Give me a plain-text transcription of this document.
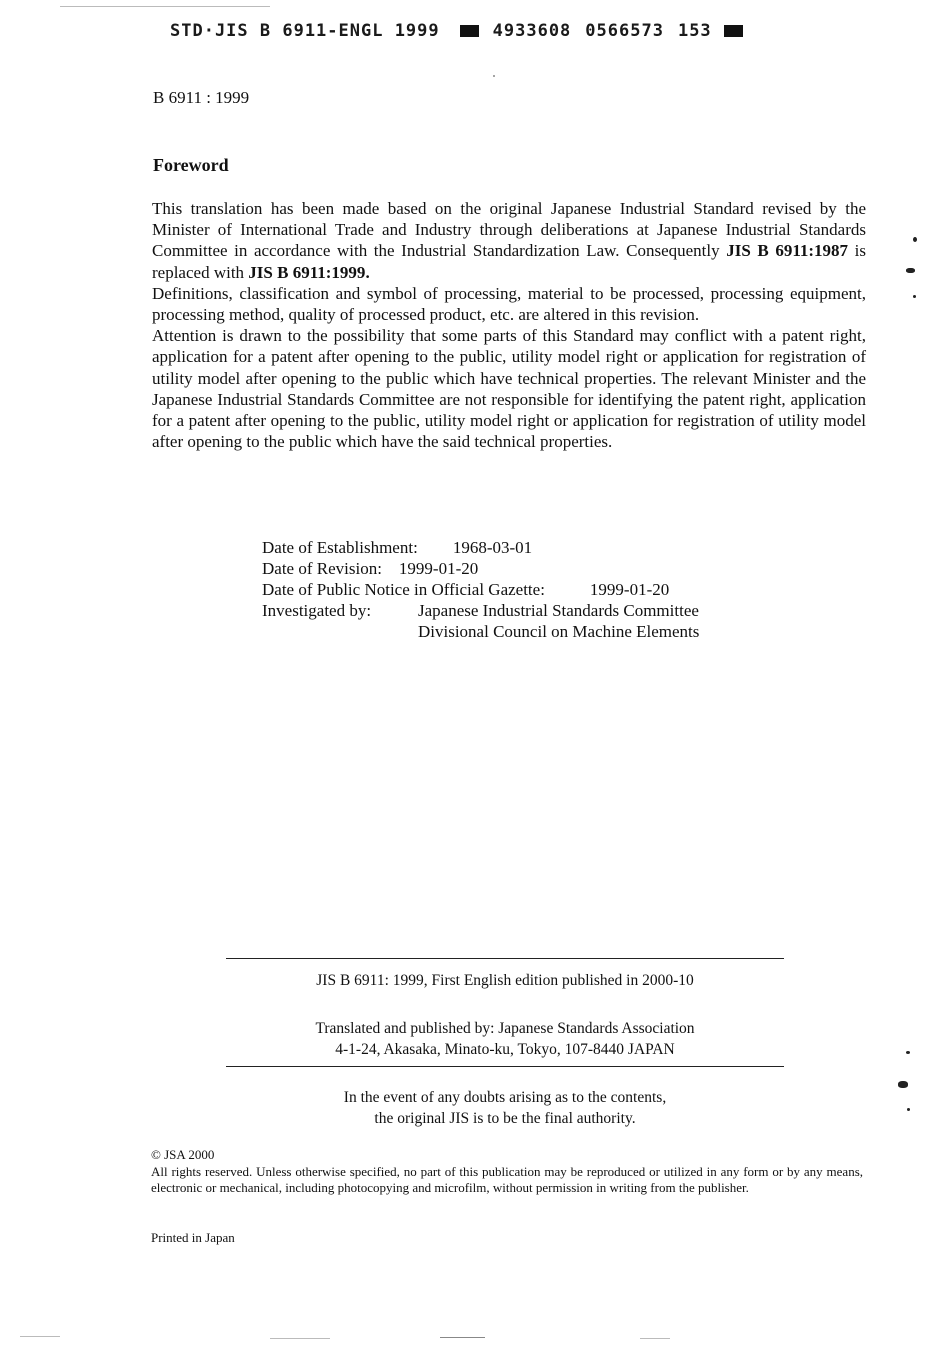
STD·JIS B 6911-ENGL 1999	4933608 0566573 153
B 6911 : 1999
Foreword

This translation has been made based on the original Japanese Industrial Standard revised by the Minister of International Trade and Industry through deliberations at Japanese Industrial Standards Committee in accordance with the Industrial Standardization Law. Consequently JIS B 6911:1987 is replaced with JIS B 6911:1999.

Definitions, classification and symbol of processing, material to be processed, processing equipment, processing method, quality of processed product, etc. are altered in this revision.

Attention is drawn to the possibility that some parts of this Standard may conflict with a patent right, application for a patent after opening to the public, utility model right or application for registration of utility model after opening to the public which have technical properties. The relevant Minister and the Japanese Industrial Standards Committee are not responsible for identifying the patent right, application for a patent after opening to the public, utility model right or application for registration of utility model after opening to the public which have the said technical properties.

Date of Establishment: 1968-03-01
Date of Revision: 1999-01-20
Date of Public Notice in Official Gazette:	1999-01-20
Investigated by:	Japanese Industrial Standards Committee
Divisional Council on Machine Elements
JIS B 6911: 1999, First English edition published in 2000-10
Translated and published by: Japanese Standards Association
4-1-24, Akasaka, Minato-ku, Tokyo, 107-8440 JAPAN
In the event of any doubts arising as to the contents,
the original JIS is to be the final authority.
© JSA 2000
All rights reserved. Unless otherwise specified, no part of this publication may be reproduced or utilized in any form or by any means, electronic or mechanical, including photocopying and microfilm, without permission in writing from the publisher.
Printed in Japan
